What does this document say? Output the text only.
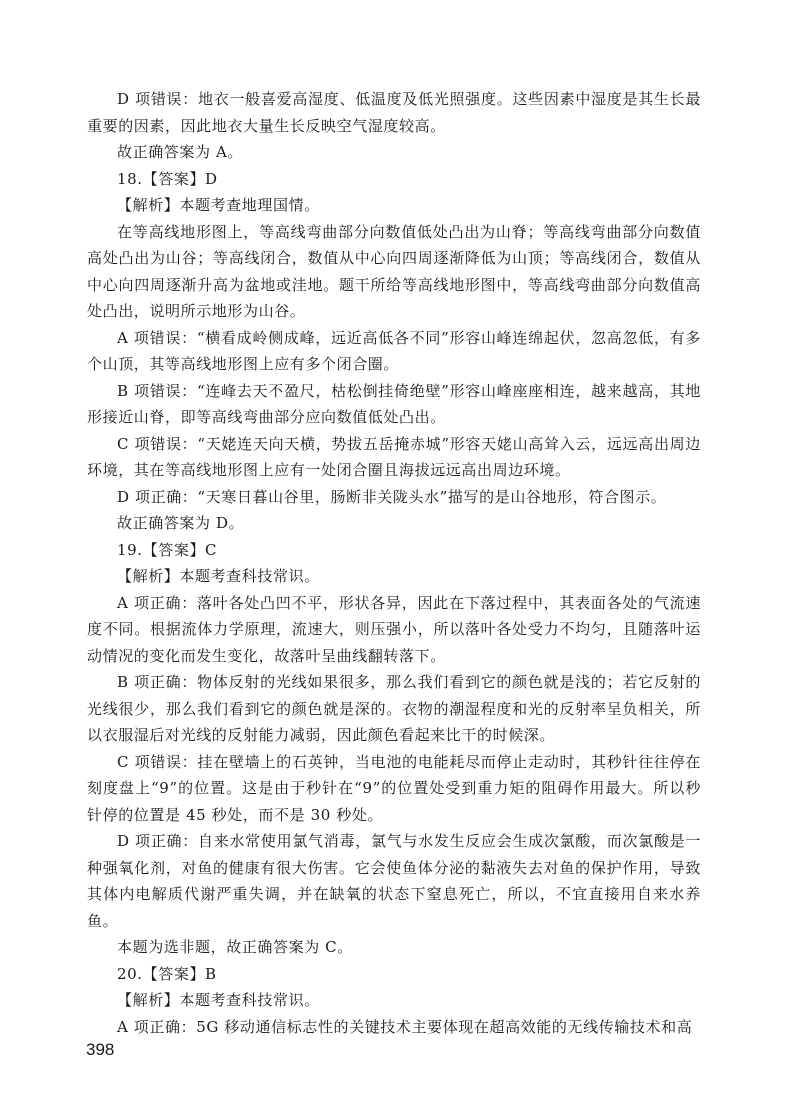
D 项错误：地衣一般喜爱高湿度、低温度及低光照强度。这些因素中湿度是其生长最重要的因素，因此地衣大量生长反映空气湿度较高。

故正确答案为 A。

18.【答案】D

【解析】本题考查地理国情。

在等高线地形图上，等高线弯曲部分向数值低处凸出为山脊；等高线弯曲部分向数值高处凸出为山谷；等高线闭合，数值从中心向四周逐渐降低为山顶；等高线闭合，数值从中心向四周逐渐升高为盆地或洼地。题干所给等高线地形图中，等高线弯曲部分向数值高处凸出，说明所示地形为山谷。

A 项错误：“横看成岭侧成峰，远近高低各不同”形容山峰连绵起伏，忽高忽低，有多个山顶，其等高线地形图上应有多个闭合圈。

B 项错误：“连峰去天不盈尺，枯松倒挂倚绝壁”形容山峰座座相连，越来越高，其地形接近山脊，即等高线弯曲部分应向数值低处凸出。

C 项错误：“天姥连天向天横，势拔五岳掩赤城”形容天姥山高耸入云，远远高出周边环境，其在等高线地形图上应有一处闭合圈且海拔远远高出周边环境。

D 项正确：“天寒日暮山谷里，肠断非关陇头水”描写的是山谷地形，符合图示。

故正确答案为 D。

19.【答案】C

【解析】本题考查科技常识。

A 项正确：落叶各处凸凹不平，形状各异，因此在下落过程中，其表面各处的气流速度不同。根据流体力学原理，流速大，则压强小，所以落叶各处受力不均匀，且随落叶运动情况的变化而发生变化，故落叶呈曲线翻转落下。

B 项正确：物体反射的光线如果很多，那么我们看到它的颜色就是浅的；若它反射的光线很少，那么我们看到它的颜色就是深的。衣物的潮湿程度和光的反射率呈负相关，所以衣服湿后对光线的反射能力减弱，因此颜色看起来比干的时候深。

C 项错误：挂在壁墙上的石英钟，当电池的电能耗尽而停止走动时，其秒针往往停在刻度盘上“9”的位置。这是由于秒针在“9”的位置处受到重力矩的阻碍作用最大。所以秒针停的位置是 45 秒处，而不是 30 秒处。

D 项正确：自来水常使用氯气消毒，氯气与水发生反应会生成次氯酸，而次氯酸是一种强氧化剂，对鱼的健康有很大伤害。它会使鱼体分泌的黏液失去对鱼的保护作用，导致其体内电解质代谢严重失调，并在缺氧的状态下窒息死亡，所以，不宜直接用自来水养鱼。

本题为选非题，故正确答案为 C。

20.【答案】B

【解析】本题考查科技常识。

A 项正确：5G 移动通信标志性的关键技术主要体现在超高效能的无线传输技术和高

398
